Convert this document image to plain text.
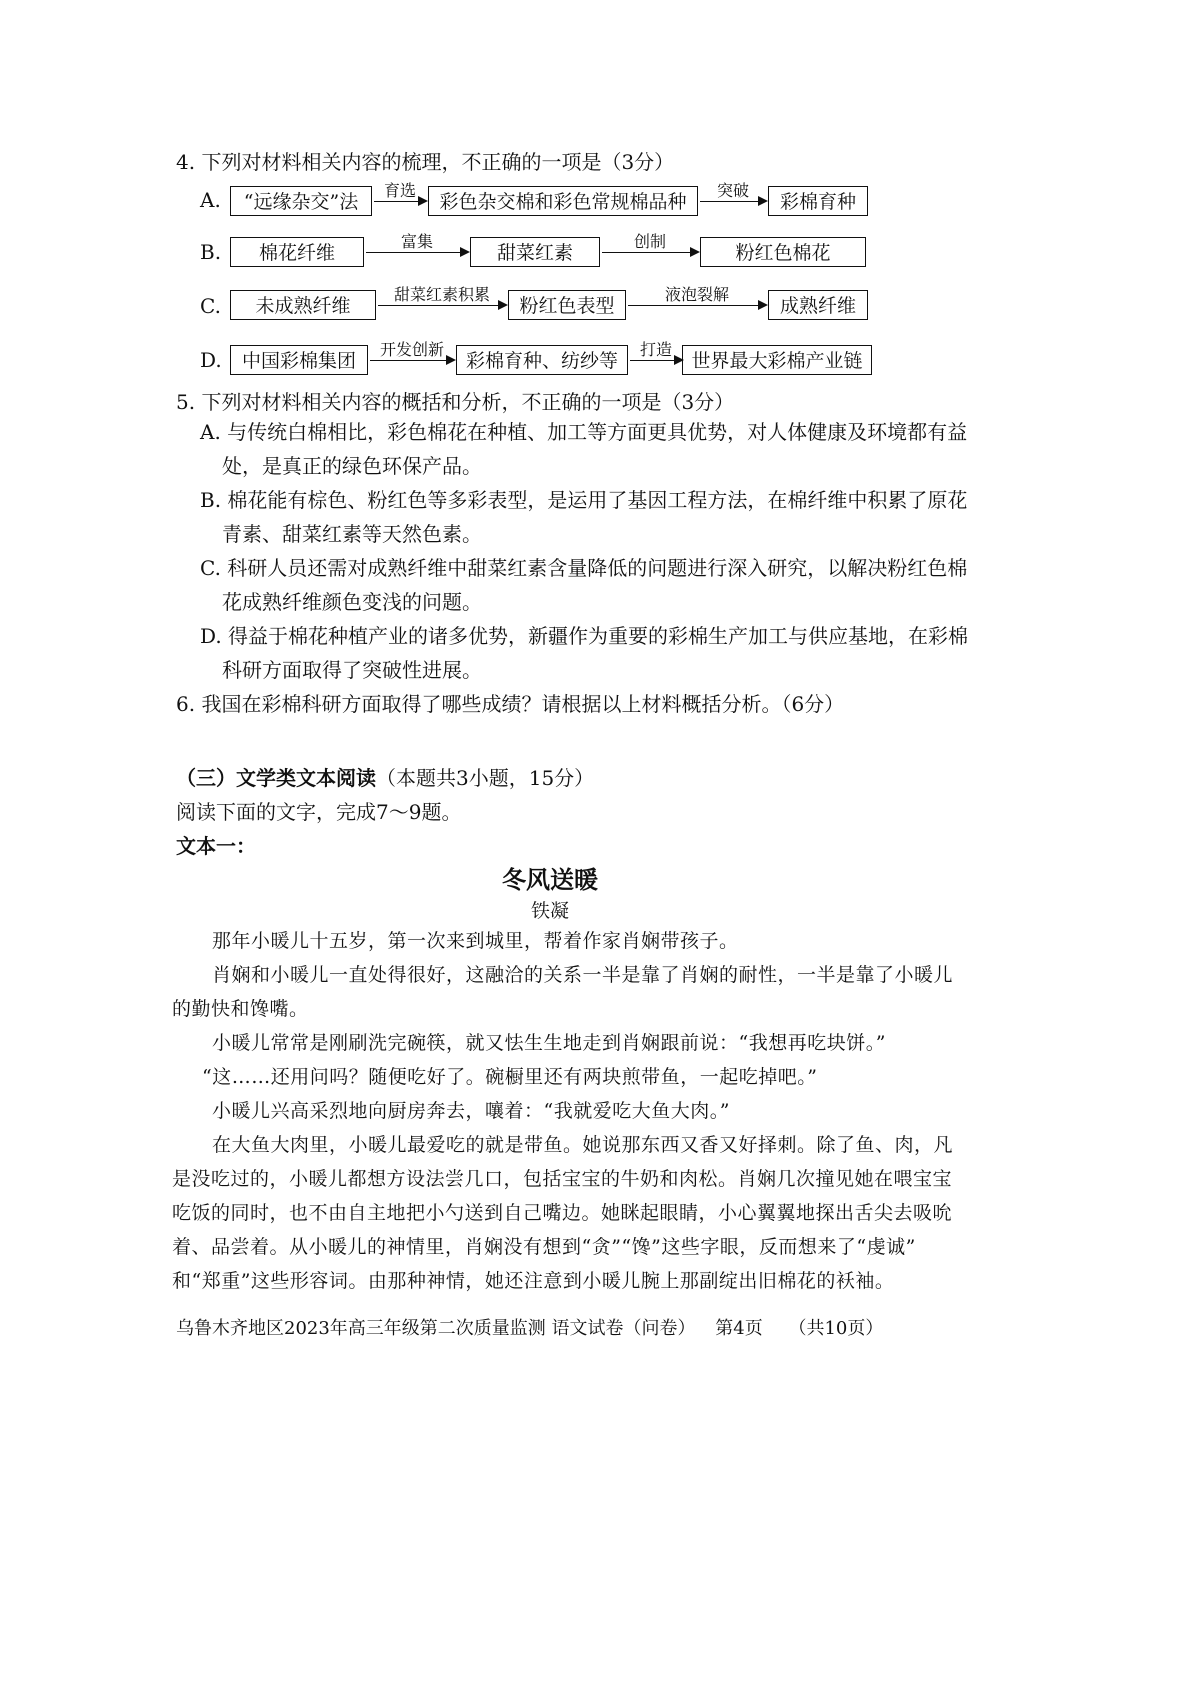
4. 下列对材料相关内容的梳理，不正确的一项是（3分）
A.	“远缘杂交”法
育选
彩色杂交棉和彩色常规棉品种
突破
彩棉育种
B.	棉花纤维
富集
甜菜红素
创制
粉红色棉花
C.	未成熟纤维
甜菜红素积累
粉红色表型
液泡裂解
成熟纤维
D.	中国彩棉集团
开发创新
彩棉育种、纺纱等
打造
世界最大彩棉产业链
5. 下列对材料相关内容的概括和分析，不正确的一项是（3分）
A. 与传统白棉相比，彩色棉花在种植、加工等方面更具优势，对人体健康及环境都有益
处，是真正的绿色环保产品。
B. 棉花能有棕色、粉红色等多彩表型，是运用了基因工程方法，在棉纤维中积累了原花
青素、甜菜红素等天然色素。
C. 科研人员还需对成熟纤维中甜菜红素含量降低的问题进行深入研究，以解决粉红色棉
花成熟纤维颜色变浅的问题。
D. 得益于棉花种植产业的诸多优势，新疆作为重要的彩棉生产加工与供应基地，在彩棉
科研方面取得了突破性进展。
6. 我国在彩棉科研方面取得了哪些成绩？请根据以上材料概括分析。（6分）
（三）文学类文本阅读（本题共3小题，15分）
阅读下面的文字，完成7～9题。
文本一：
冬风送暖
铁凝
那年小暖儿十五岁，第一次来到城里，帮着作家肖娴带孩子。
肖娴和小暖儿一直处得很好，这融洽的关系一半是靠了肖娴的耐性，一半是靠了小暖儿
的勤快和馋嘴。
小暖儿常常是刚刷洗完碗筷，就又怯生生地走到肖娴跟前说：“我想再吃块饼。”
“这……还用问吗？随便吃好了。碗橱里还有两块煎带鱼，一起吃掉吧。”
小暖儿兴高采烈地向厨房奔去，嚷着：“我就爱吃大鱼大肉。”
在大鱼大肉里，小暖儿最爱吃的就是带鱼。她说那东西又香又好择刺。除了鱼、肉，凡
是没吃过的，小暖儿都想方设法尝几口，包括宝宝的牛奶和肉松。肖娴几次撞见她在喂宝宝
吃饭的同时，也不由自主地把小勺送到自己嘴边。她眯起眼睛，小心翼翼地探出舌尖去吸吮
着、品尝着。从小暖儿的神情里，肖娴没有想到“贪”“馋”这些字眼，反而想来了“虔诚”
和“郑重”这些形容词。由那种神情，她还注意到小暖儿腕上那副绽出旧棉花的袄袖。
乌鲁木齐地区2023年高三年级第二次质量监测 语文试卷（问卷） 第4页 （共10页）
